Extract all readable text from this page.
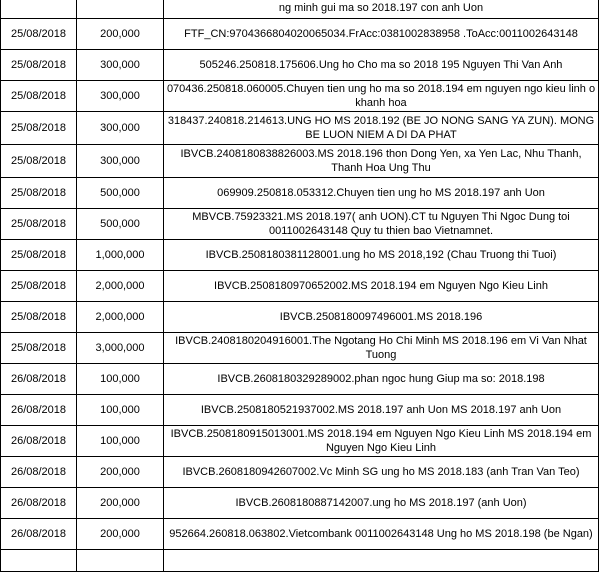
		ng minh gui ma so 2018.197 con anh Uon
25/08/2018	200,000	FTF_CN:9704366804020065034.FrAcc:0381002838958 .ToAcc:0011002643148
25/08/2018	300,000	505246.250818.175606.Ung ho Cho ma so 2018 195 Nguyen Thi Van Anh
25/08/2018	300,000	070436.250818.060005.Chuyen tien ung ho ma so 2018.194 em nguyen ngo kieu linh o khanh hoa
25/08/2018	300,000	318437.240818.214613.UNG HO MS 2018.192 (BE JO NONG SANG YA ZUN). MONG BE LUON NIEM A DI DA PHAT
25/08/2018	300,000	IBVCB.2408180838826003.MS 2018.196 thon Dong Yen, xa Yen Lac, Nhu Thanh, Thanh Hoa Ung Thu
25/08/2018	500,000	069909.250818.053312.Chuyen tien ung ho MS 2018.197 anh Uon
25/08/2018	500,000	MBVCB.75923321.MS 2018.197( anh UON).CT tu Nguyen Thi Ngoc Dung toi 0011002643148 Quy tu thien bao Vietnamnet.
25/08/2018	1,000,000	IBVCB.2508180381128001.ung ho MS 2018,192 (Chau Truong thi Tuoi)
25/08/2018	2,000,000	IBVCB.2508180970652002.MS 2018.194 em Nguyen Ngo Kieu Linh
25/08/2018	2,000,000	IBVCB.2508180097496001.MS 2018.196
25/08/2018	3,000,000	IBVCB.2408180204916001.The Ngotang Ho Chi Minh MS 2018.196 em Vi Van Nhat Tuong
26/08/2018	100,000	IBVCB.2608180329289002.phan ngoc hung Giup ma so: 2018.198
26/08/2018	100,000	IBVCB.2508180521937002.MS 2018.197 anh Uon MS 2018.197 anh Uon
26/08/2018	100,000	IBVCB.2508180915013001.MS 2018.194 em Nguyen Ngo Kieu Linh MS 2018.194 em Nguyen Ngo Kieu Linh
26/08/2018	200,000	IBVCB.2608180942607002.Vc Minh SG ung ho MS 2018.183 (anh Tran Van Teo)
26/08/2018	200,000	IBVCB.2608180887142007.ung ho MS 2018.197 (anh Uon)
26/08/2018	200,000	952664.260818.063802.Vietcombank 0011002643148 Ung ho MS 2018.198 (be Ngan)
